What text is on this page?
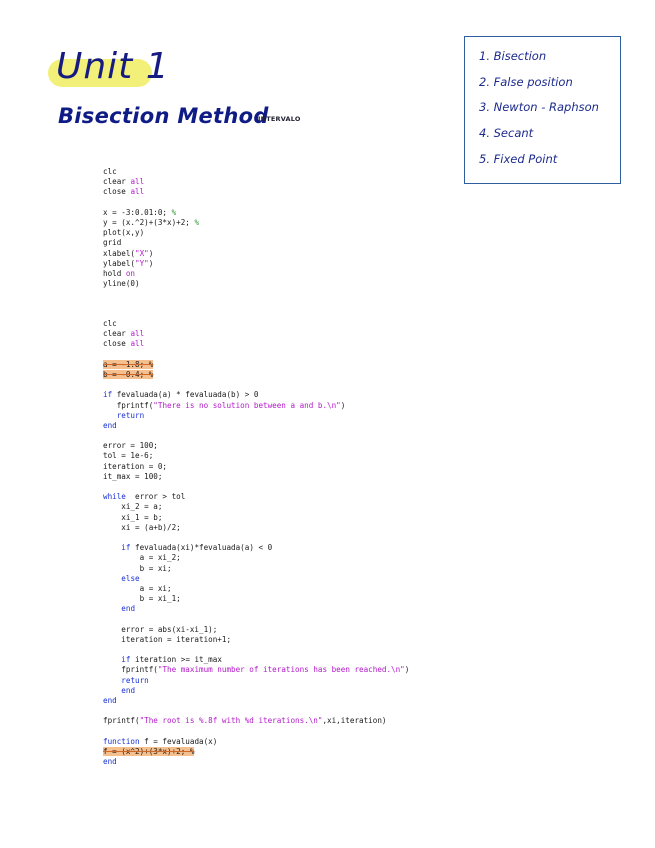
Unit 1
Bisection Method
INTERVALO
1. Bisection
2. False position
3. Newton - Raphson
4. Secant
5. Fixed Point
clc
clear all
close all
x = -3:0.01:0; %
y = (x.^2)+(3*x)+2; %
plot(x,y)
grid
xlabel("X")
ylabel("Y")
hold on
yline(0)
clc
clear all
close all
a = -1.8; %
b = -0.4; %
if fevaluada(a) * fevaluada(b) > 0
fprintf("There is no solution between a and b.\n")
return
end
error = 100;
tol = 1e-6;
iteration = 0;
it_max = 100;
while  error > tol
xi_2 = a;
xi_1 = b;
xi = (a+b)/2;
if fevaluada(xi)*fevaluada(a) < 0
a = xi_2;
b = xi;
else
a = xi;
b = xi_1;
end
error = abs(xi-xi_1);
iteration = iteration+1;
if iteration >= it_max
fprintf("The maximum number of iterations has been reached.\n")
return
end
end
fprintf("The root is %.8f with %d iterations.\n",xi,iteration)
function f = fevaluada(x)
f = (x^2)+(3*x)+2; %
end
